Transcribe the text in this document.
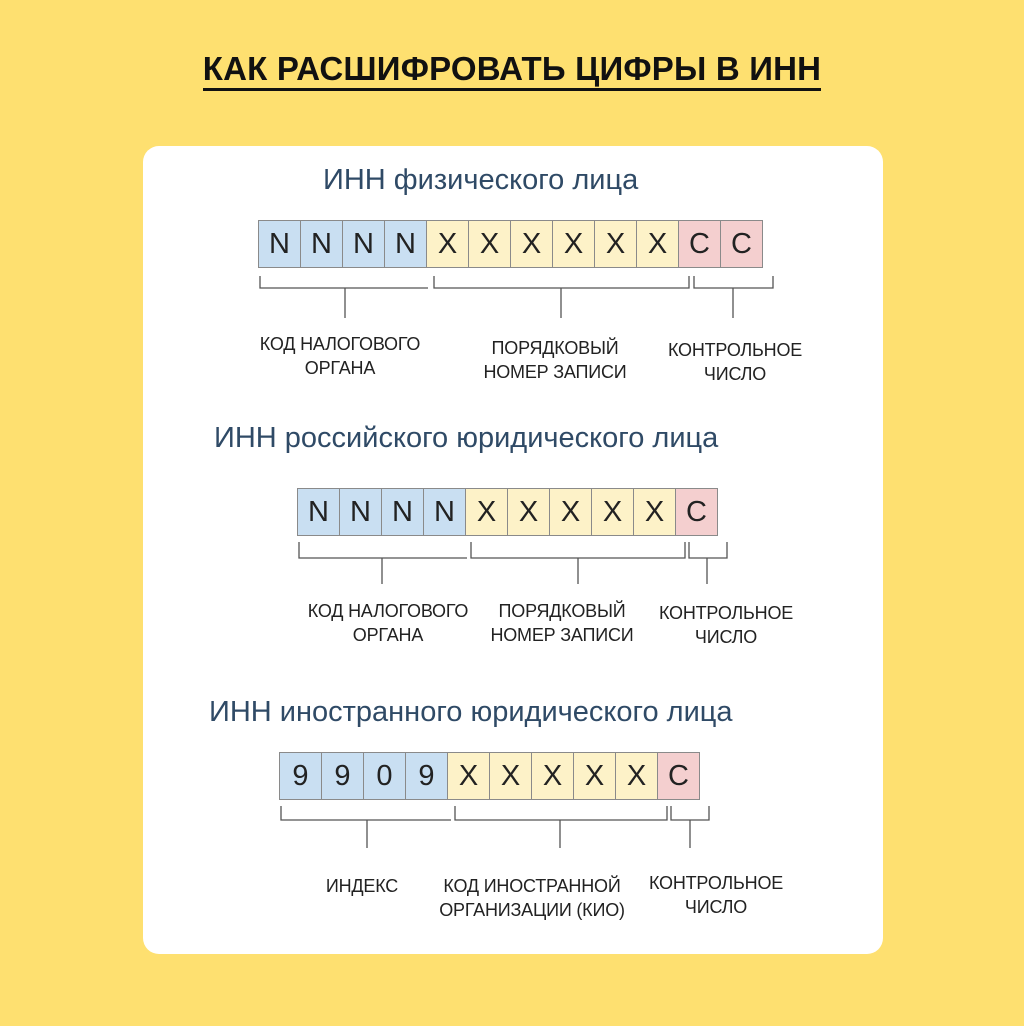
КАК РАСШИФРОВАТЬ ЦИФРЫ В ИНН
ИНН физического лица
N N N N X X X X X X C C
КОД НАЛОГОВОГО
ОРГАНА
ПОРЯДКОВЫЙ
НОМЕР ЗАПИСИ
КОНТРОЛЬНОЕ
ЧИСЛО
ИНН российского юридического лица
N N N N X X X X X C
КОД НАЛОГОВОГО
ОРГАНА
ПОРЯДКОВЫЙ
НОМЕР ЗАПИСИ
КОНТРОЛЬНОЕ
ЧИСЛО
ИНН иностранного юридического лица
9 9 0 9 X X X X X C
ИНДЕКС	КОД ИНОСТРАННОЙ
ОРГАНИЗАЦИИ (КИО)
КОНТРОЛЬНОЕ
ЧИСЛО
